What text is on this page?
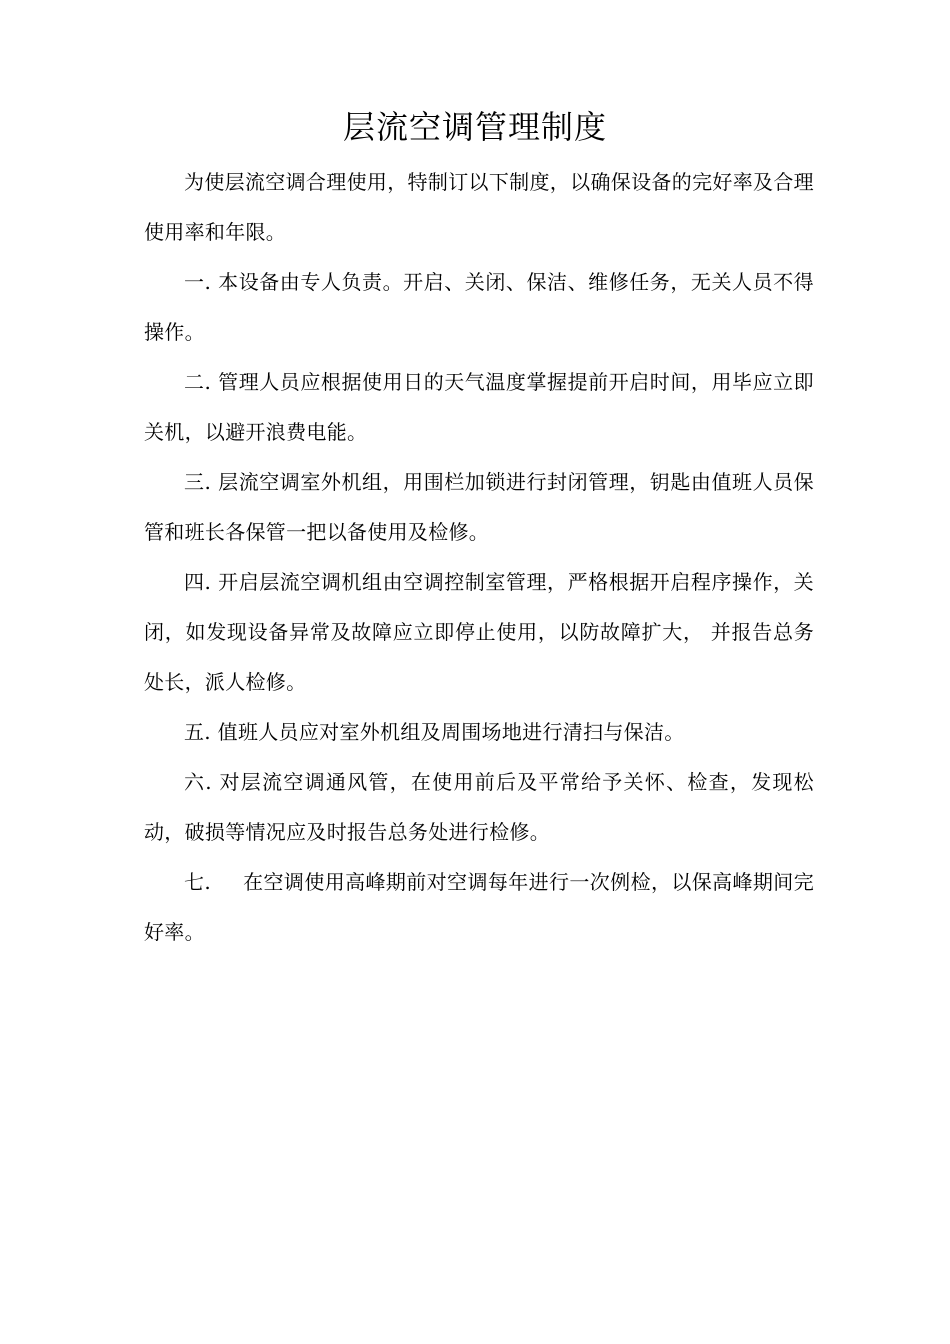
层流空调管理制度

为使层流空调合理使用，特制订以下制度，以确保设备的完好率及合理使用率和年限。

一. 本设备由专人负责。开启、关闭、保洁、维修任务，无关人员不得操作。

二. 管理人员应根据使用日的天气温度掌握提前开启时间，用毕应立即关机，以避开浪费电能。

三. 层流空调室外机组，用围栏加锁进行封闭管理，钥匙由值班人员保管和班长各保管一把以备使用及检修。

四. 开启层流空调机组由空调控制室管理，严格根据开启程序操作，关闭，如发现设备异常及故障应立即停止使用，以防故障扩大， 并报告总务处长，派人检修。

五. 值班人员应对室外机组及周围场地进行清扫与保洁。

六. 对层流空调通风管，在使用前后及平常给予关怀、检查，发现松动，破损等情况应及时报告总务处进行检修。

七. 在空调使用高峰期前对空调每年进行一次例检，以保高峰期间完好率。
